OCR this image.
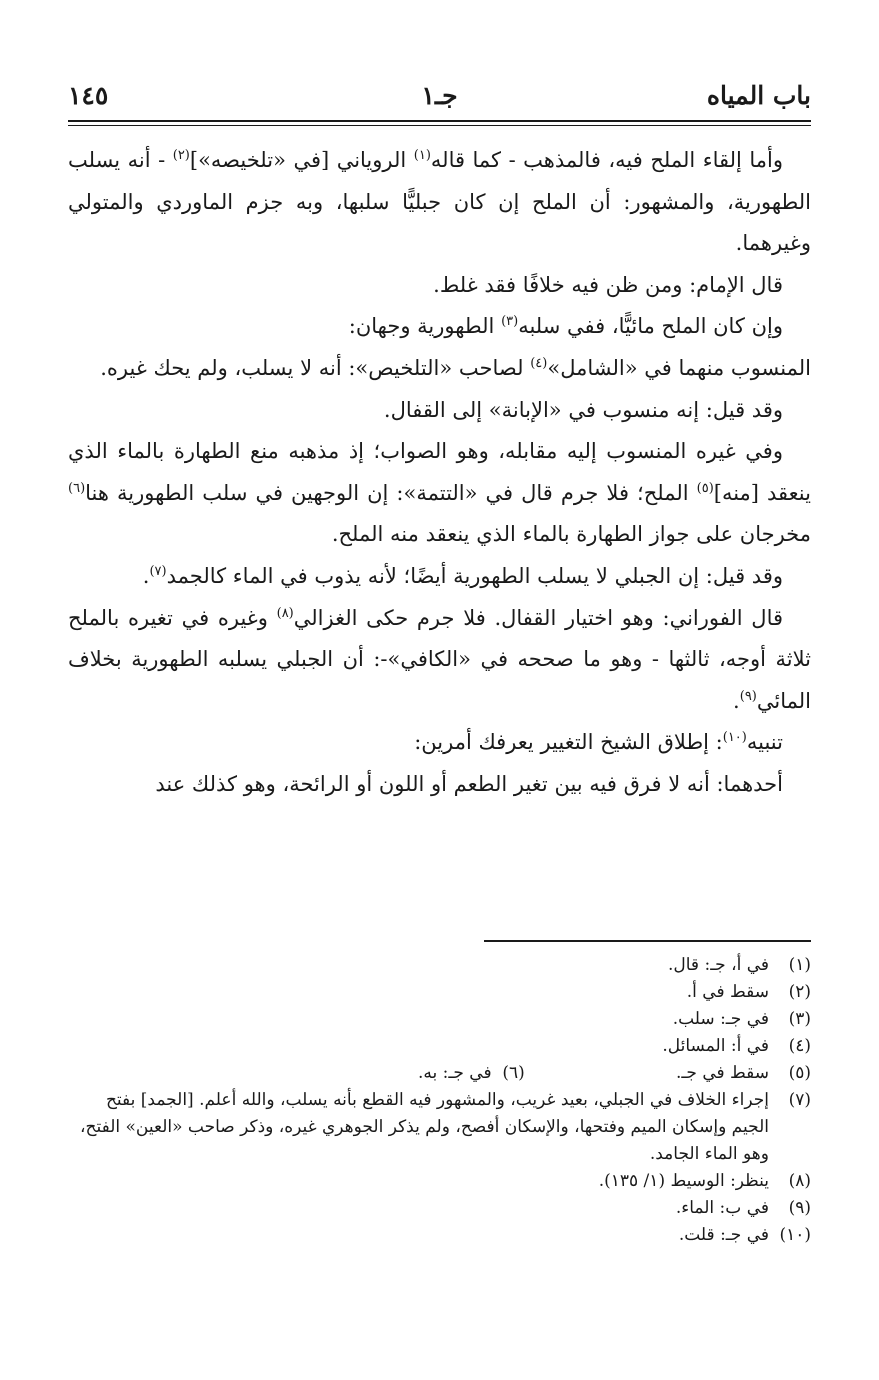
باب المياه
جـ١
١٤٥

وأما إلقاء الملح فيه، فالمذهب - كما قاله$^{(١)}$ الروياني [في «تلخيصه»]$^{(٢)}$ - أنه يسلب الطهورية، والمشهور: أن الملح إن كان جبليًّا سلبها، وبه جزم الماوردي والمتولي وغيرهما.

قال الإمام: ومن ظن فيه خلافًا فقد غلط.

وإن كان الملح مائيًّا، ففي سلبه$^{(٣)}$ الطهورية وجهان:

المنسوب منهما في «الشامل»$^{(٤)}$ لصاحب «التلخيص»: أنه لا يسلب، ولم يحك غيره.

وقد قيل: إنه منسوب في «الإبانة» إلى القفال.

وفي غيره المنسوب إليه مقابله، وهو الصواب؛ إذ مذهبه منع الطهارة بالماء الذي ينعقد [منه]$^{(٥)}$ الملح؛ فلا جرم قال في «التتمة»: إن الوجهين في سلب الطهورية هنا$^{(٦)}$ مخرجان على جواز الطهارة بالماء الذي ينعقد منه الملح.

وقد قيل: إن الجبلي لا يسلب الطهورية أيضًا؛ لأنه يذوب في الماء كالجمد$^{(٧)}$.

قال الفوراني: وهو اختيار القفال. فلا جرم حكى الغزالي$^{(٨)}$ وغيره في تغيره بالملح ثلاثة أوجه، ثالثها - وهو ما صححه في «الكافي»-: أن الجبلي يسلبه الطهورية بخلاف المائي$^{(٩)}$.

تنبيه$^{(١٠)}$: إطلاق الشيخ التغيير يعرفك أمرين:

أحدهما: أنه لا فرق فيه بين تغير الطعم أو اللون أو الرائحة، وهو كذلك عند

(١)
في أ، جـ: قال.
(٢)
سقط في أ.
(٣)
في جـ: سلب.
(٤)
في أ: المسائل.
(٥)
سقط في جـ.
(٦)  في جـ: به.
(٧)
إجراء الخلاف في الجبلي، بعيد غريب، والمشهور فيه القطع بأنه يسلب، والله أعلم. [الجمد] بفتح الجيم وإسكان الميم وفتحها، والإسكان أفصح، ولم يذكر الجوهري غيره، وذكر صاحب «العين» الفتح، وهو الماء الجامد.
(٨)
ينظر: الوسيط (١/ ١٣٥).
(٩)
في ب: الماء.
(١٠)
في جـ: قلت.
